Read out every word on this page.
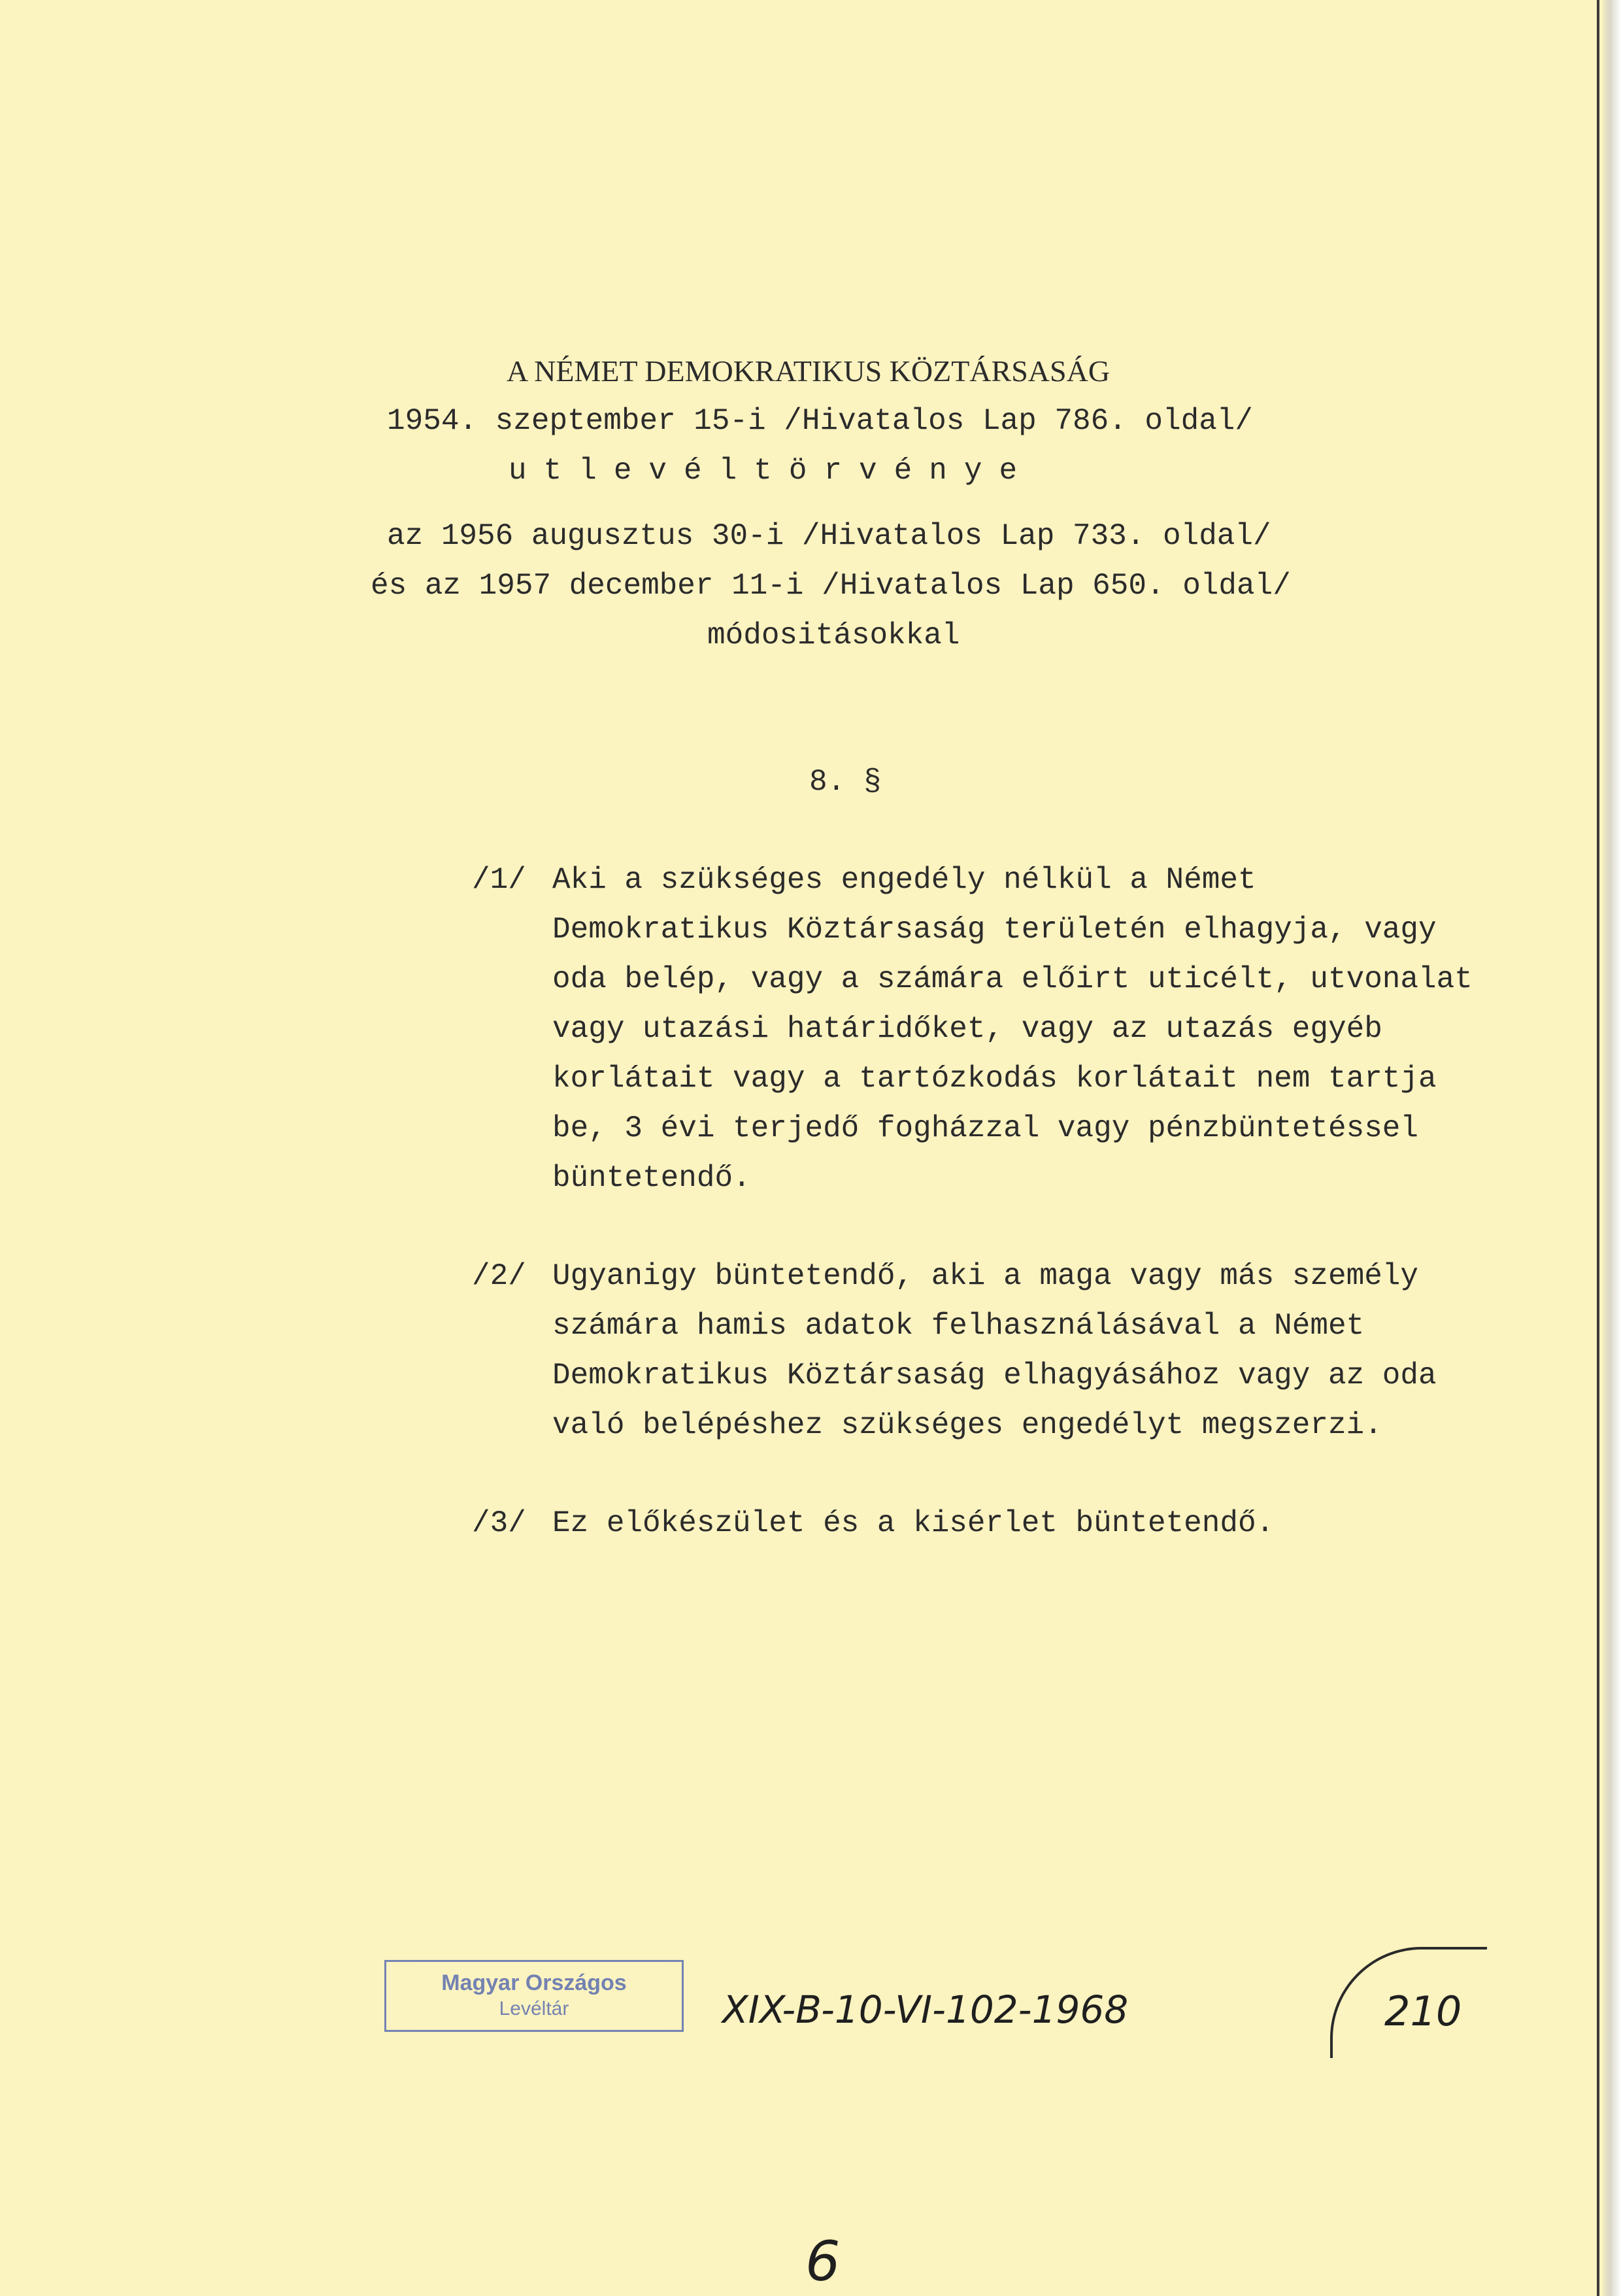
A NÉMET DEMOKRATIKUS KÖZTÁRSASÁG
1954. szeptember 15-i /Hivatalos Lap 786. oldal/
utlevéltörvénye
az 1956 augusztus 30-i /Hivatalos Lap 733. oldal/
és az 1957 december 11-i /Hivatalos Lap 650. oldal/
módositásokkal
8. §
/1/ Aki a szükséges engedély nélkül a Német
Demokratikus Köztársaság területén elhagyja, vagy
oda belép, vagy a számára előirt uticélt, utvonalat
vagy utazási határidőket, vagy az utazás egyéb
korlátait vagy a tartózkodás korlátait nem tartja
be, 3 évi terjedő fogházzal vagy pénzbüntetéssel
büntetendő.
/2/ Ugyanigy büntetendő, aki a maga vagy más személy
számára hamis adatok felhasználásával a Német
Demokratikus Köztársaság elhagyásához vagy az oda
való belépéshez szükséges engedélyt megszerzi.
/3/ Ez előkészület és a kisérlet büntetendő.
Magyar Országos
Levéltár	XIX-B-10-VI-102-1968	210
6
